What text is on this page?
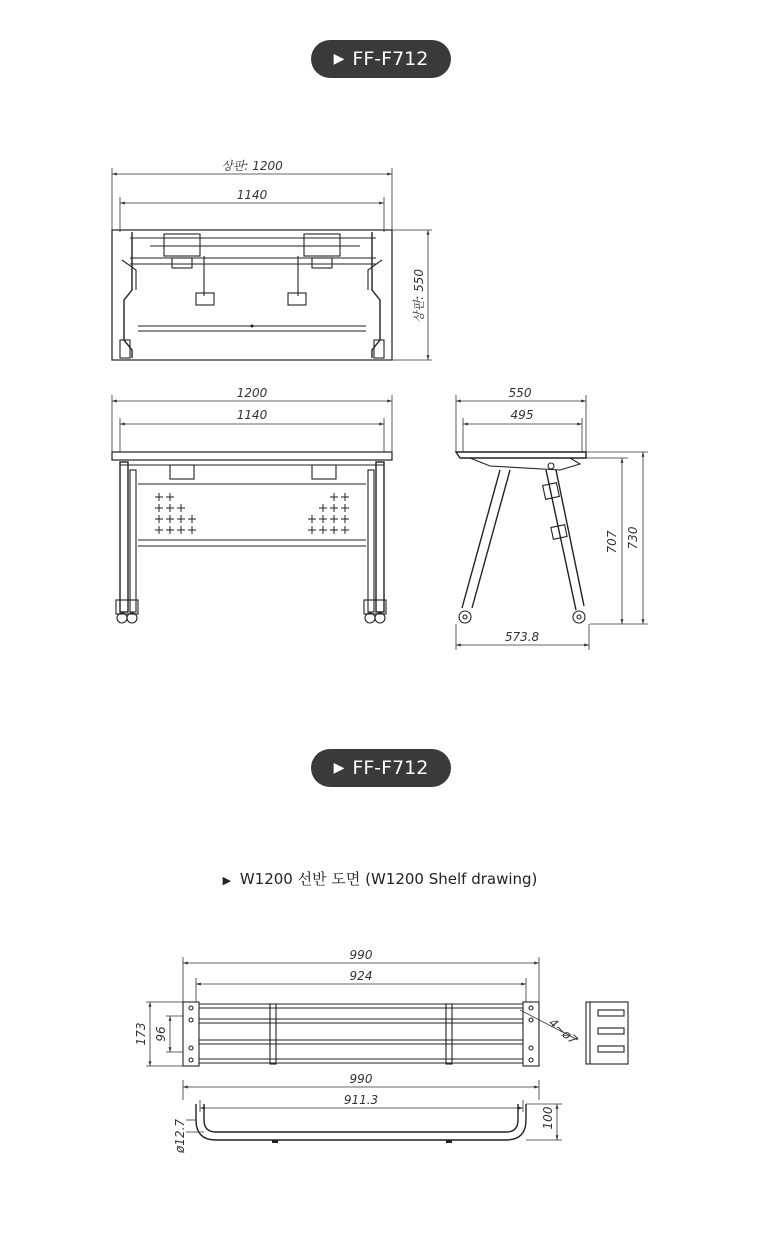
▶ FF-F712
▶ FF-F712
▶ W1200 선반 도면 (W1200 Shelf drawing)
상판: 1200
1140
상판: 550
1200
1140
550
495
707 730
573.8
990
924
173 96	4~ø7
990
911.3
ø12.7
100
